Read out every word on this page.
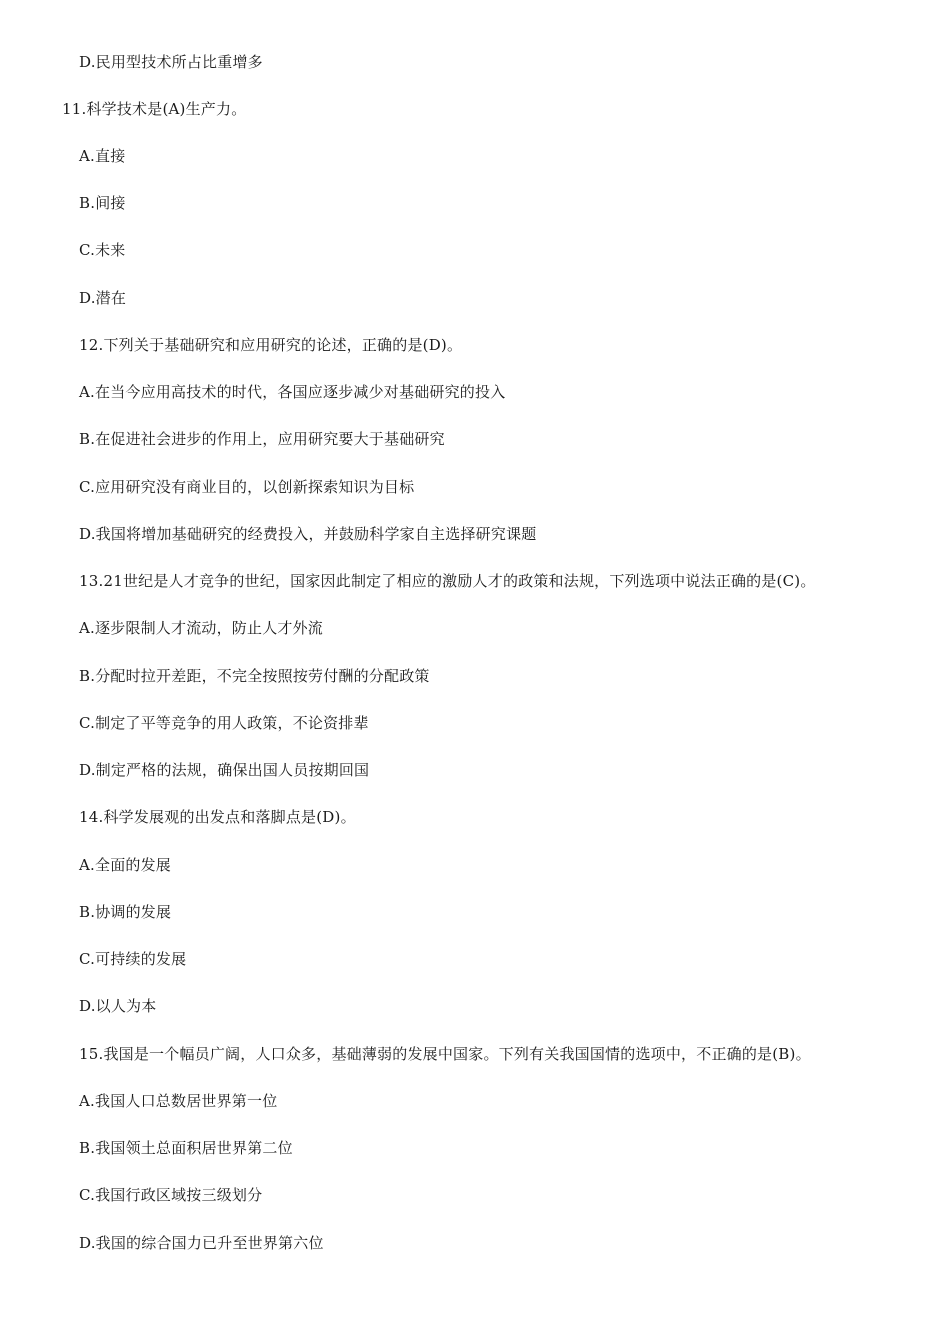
D.民用型技术所占比重增多
11.科学技术是(A)生产力。
A.直接
B.间接
C.未来
D.潜在
12.下列关于基础研究和应用研究的论述，正确的是(D)。
A.在当今应用高技术的时代，各国应逐步减少对基础研究的投入
B.在促进社会进步的作用上，应用研究要大于基础研究
C.应用研究没有商业目的，以创新探索知识为目标
D.我国将增加基础研究的经费投入，并鼓励科学家自主选择研究课题
13.21世纪是人才竞争的世纪，国家因此制定了相应的激励人才的政策和法规，下列选项中说法正确的是(C)。
A.逐步限制人才流动，防止人才外流
B.分配时拉开差距，不完全按照按劳付酬的分配政策
C.制定了平等竞争的用人政策，不论资排辈
D.制定严格的法规，确保出国人员按期回国
14.科学发展观的出发点和落脚点是(D)。
A.全面的发展
B.协调的发展
C.可持续的发展
D.以人为本
15.我国是一个幅员广阔，人口众多，基础薄弱的发展中国家。下列有关我国国情的选项中，不正确的是(B)。
A.我国人口总数居世界第一位
B.我国领土总面积居世界第二位
C.我国行政区域按三级划分
D.我国的综合国力已升至世界第六位
